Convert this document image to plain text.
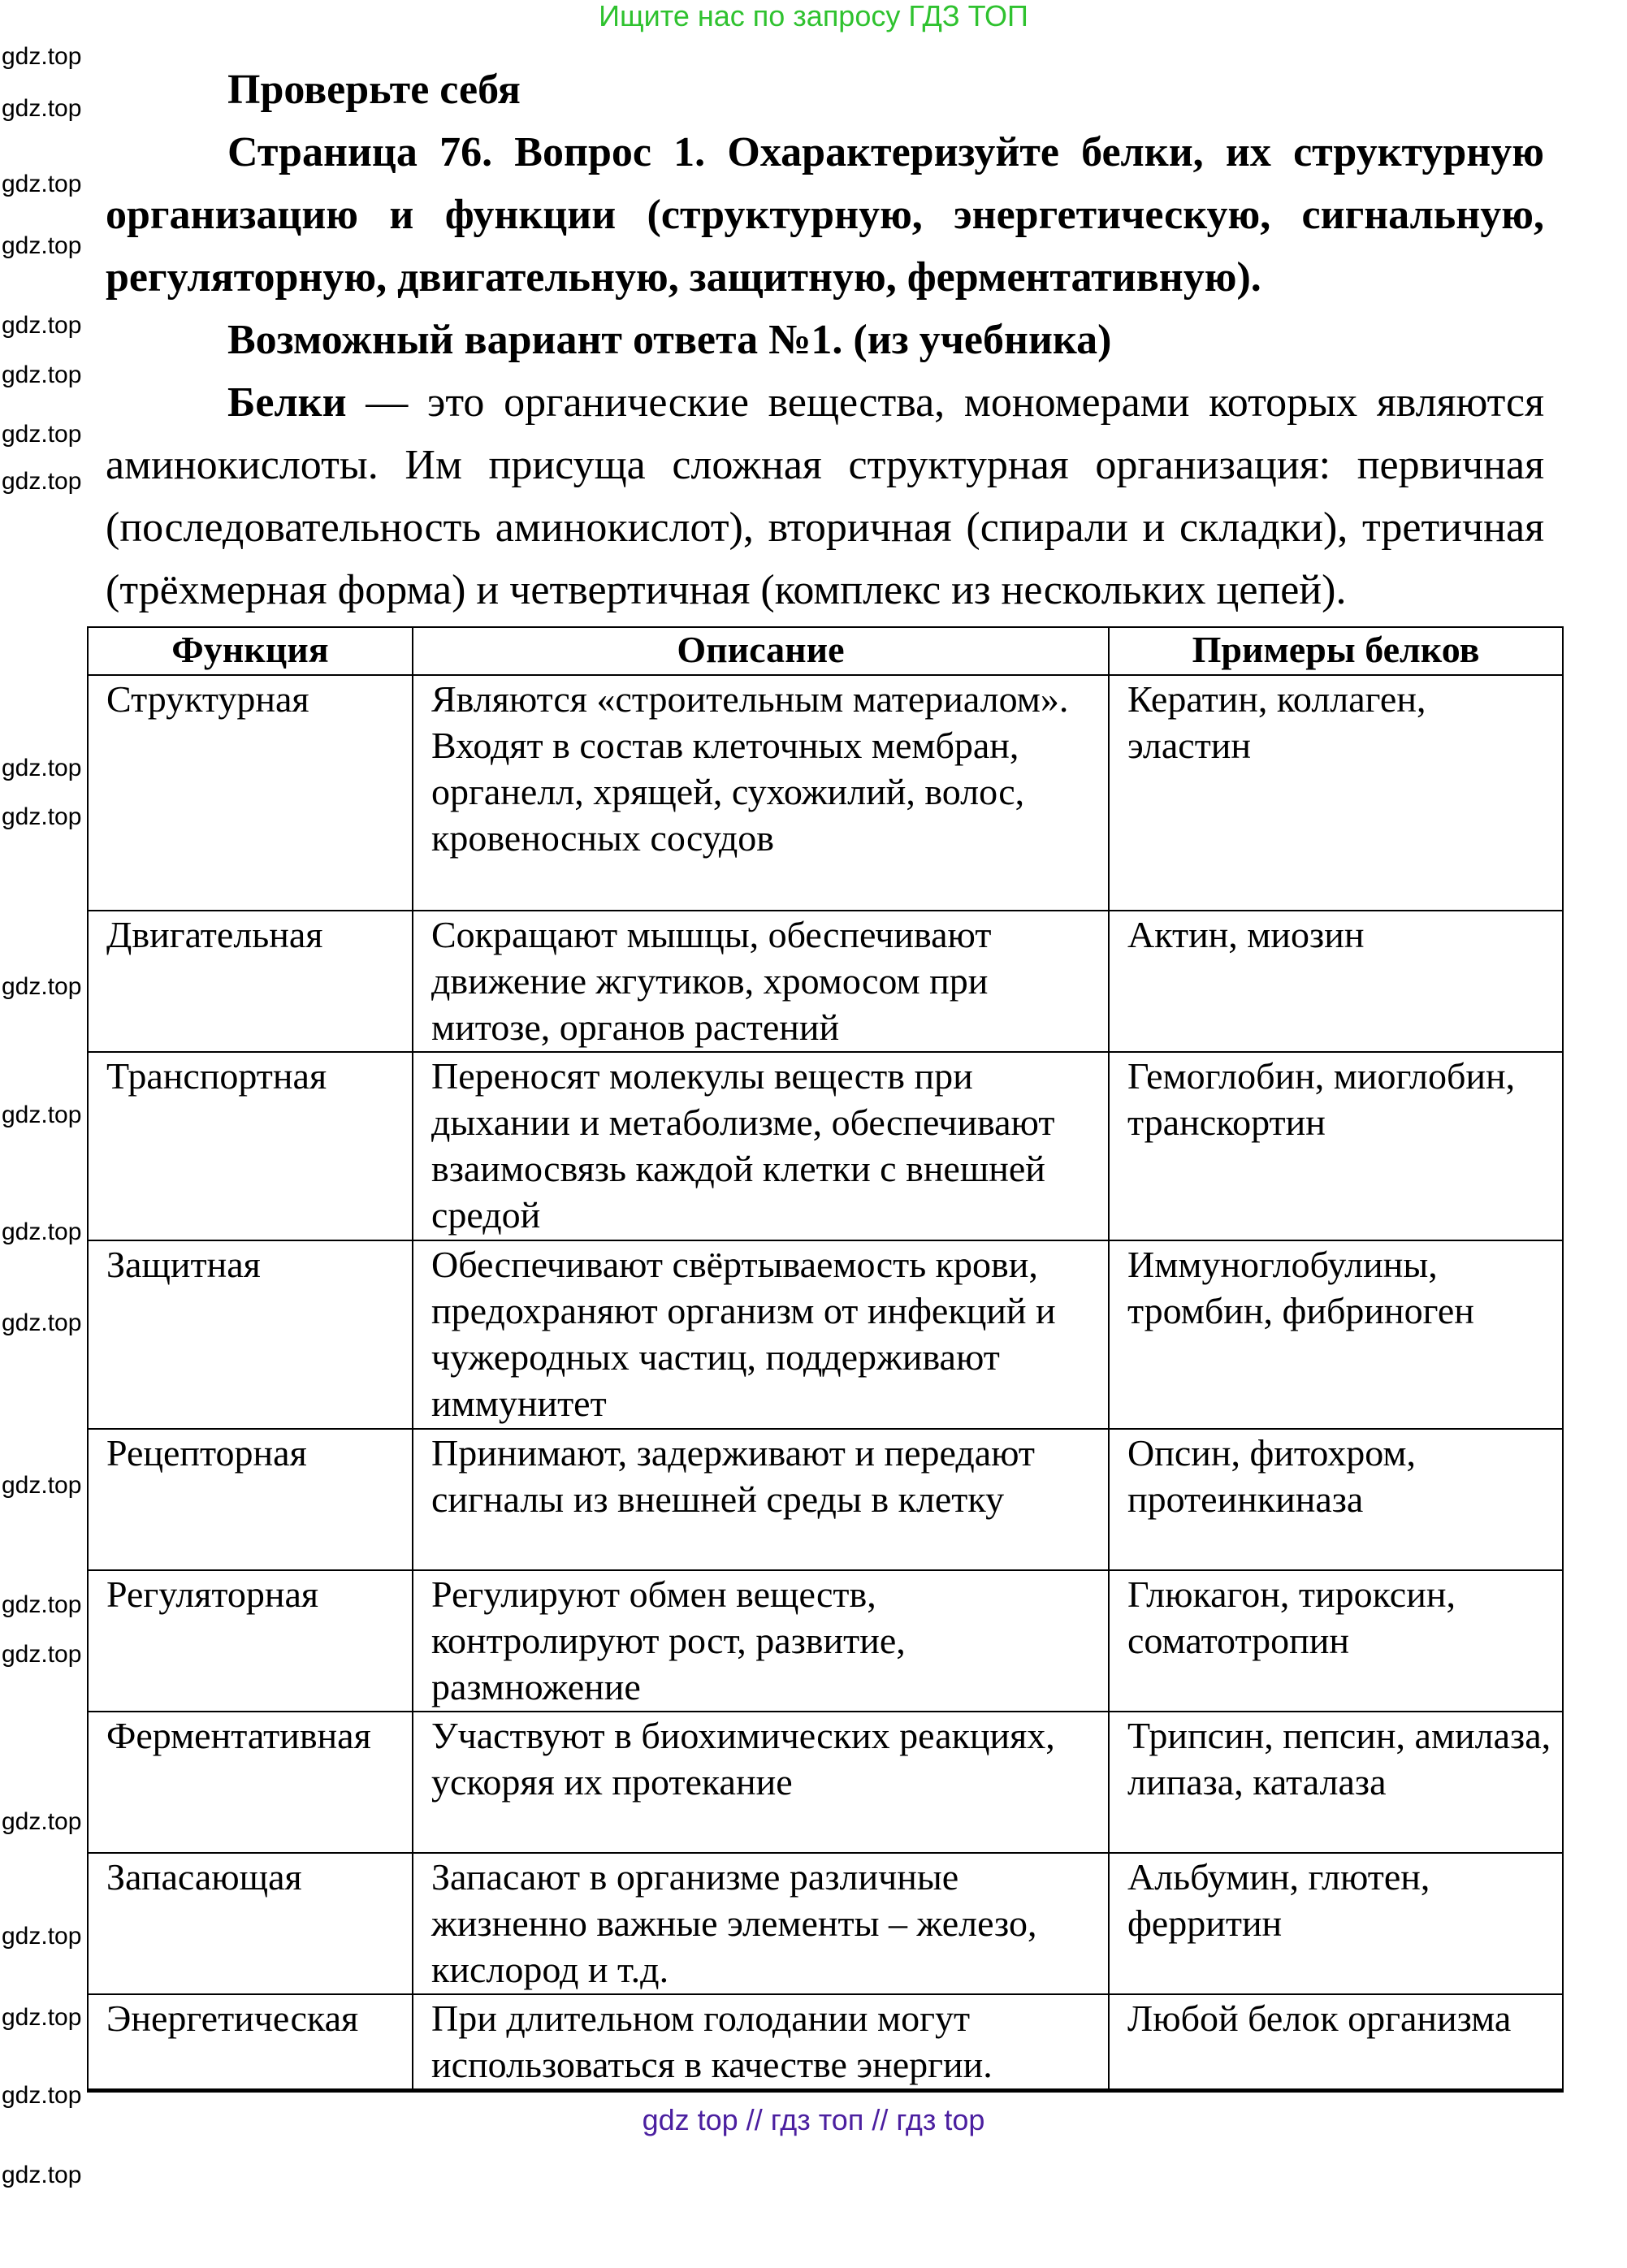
Ищите нас по запросу ГДЗ ТОП

Проверьте себя

Страница 76. Вопрос 1. Охарактеризуйте белки, их структурную организацию и функции (структурную, энергетическую, сигнальную, регуляторную, двигательную, защитную, ферментативную).

Возможный вариант ответа №1. (из учебника)

Белки — это органические вещества, мономерами которых являются аминокислоты. Им присуща сложная структурная организация: первичная (последовательность аминокислот), вторичная (спирали и складки), третичная (трёхмерная форма) и четвертичная (комплекс из нескольких цепей).

Функция	Описание	Примеры белков
Структурная	Являются «строительным материалом». Входят в состав клеточных мембран, органелл, хрящей, сухожилий, волос, кровеносных сосудов	Кератин, коллаген, эластин
Двигательная	Сокращают мышцы, обеспечивают движение жгутиков, хромосом при митозе, органов растений	Актин, миозин
Транспортная	Переносят молекулы веществ при дыхании и метаболизме, обеспечивают взаимосвязь каждой клетки с внешней средой	Гемоглобин, миоглобин, транскортин
Защитная	Обеспечивают свёртываемость крови, предохраняют организм от инфекций и чужеродных частиц, поддерживают иммунитет	Иммуноглобулины, тромбин, фибриноген
Рецепторная	Принимают, задерживают и передают сигналы из внешней среды в клетку	Опсин, фитохром, протеинкиназа
Регуляторная	Регулируют обмен веществ, контролируют рост, развитие, размножение	Глюкагон, тироксин, соматотропин
Ферментативная	Участвуют в биохимических реакциях, ускоряя их протекание	Трипсин, пепсин, амилаза, липаза, каталаза
Запасающая	Запасают в организме различные жизненно важные элементы – железо, кислород и т.д.	Альбумин, глютен, ферритин
Энергетическая	При длительном голодании могут использоваться в качестве энергии.	Любой белок организма
gdz top // гдз топ // гдз top
gdz.top
gdz.top
gdz.top
gdz.top
gdz.top
gdz.top
gdz.top
gdz.top
gdz.top
gdz.top
gdz.top
gdz.top
gdz.top
gdz.top
gdz.top
gdz.top
gdz.top
gdz.top
gdz.top
gdz.top
gdz.top
gdz.top
